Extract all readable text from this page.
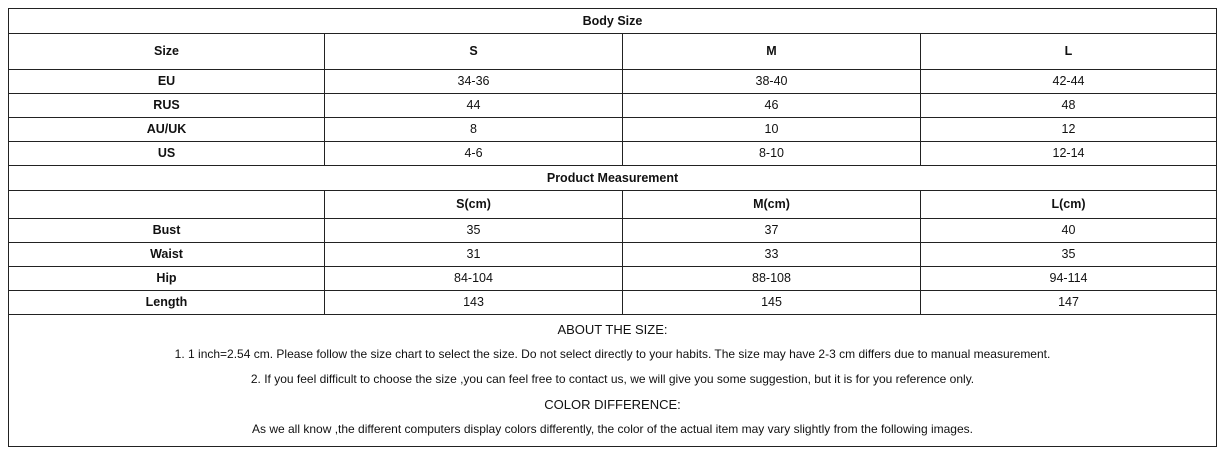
Body Size			
Size	S	M	L
EU	34-36	38-40	42-44
RUS	44	46	48
AU/UK	8	10	12
US	4-6	8-10	12-14
Product Measurement			
	S(cm)	M(cm)	L(cm)
Bust	35	37	40
Waist	31	33	35
Hip	84-104	88-108	94-114
Length	143	145	147

ABOUT THE SIZE:
1. 1 inch=2.54 cm. Please follow the size chart to select the size. Do not select directly to your habits. The size may have 2-3 cm differs due to manual measurement.
2. If you feel difficult to choose the size ,you can feel free to contact us, we will give you some suggestion, but it is for you reference only.
COLOR DIFFERENCE:
As we all know ,the different computers display colors differently, the color of the actual item may vary slightly from the following images.			
